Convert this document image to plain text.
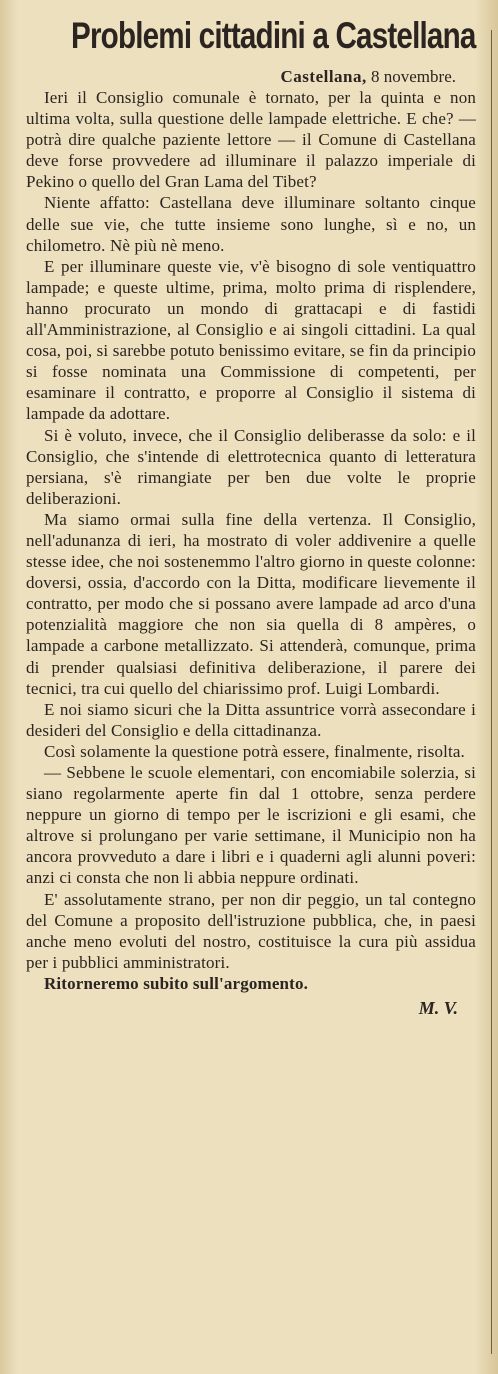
Problemi cittadini a Castellana

Castellana, 8 novembre.

Ieri il Consiglio comunale è tornato, per la quinta e non ultima volta, sulla questione delle lampade elettriche. E che? — potrà dire qualche paziente lettore — il Comune di Castellana deve forse provvedere ad illuminare il palazzo imperiale di Pekino o quello del Gran Lama del Tibet?

Niente affatto: Castellana deve illuminare soltanto cinque delle sue vie, che tutte insieme sono lunghe, sì e no, un chilometro. Nè più nè meno.

E per illuminare queste vie, v'è bisogno di sole ventiquattro lampade; e queste ultime, prima, molto prima di risplendere, hanno procurato un mondo di grattacapi e di fastidi all'Amministrazione, al Consiglio e ai singoli cittadini. La qual cosa, poi, si sarebbe potuto benissimo evitare, se fin da principio si fosse nominata una Commissione di competenti, per esaminare il contratto, e proporre al Consiglio il sistema di lampade da adottare.

Si è voluto, invece, che il Consiglio deliberasse da solo: e il Consiglio, che s'intende di elettrotecnica quanto di letteratura persiana, s'è rimangiate per ben due volte le proprie deliberazioni.

Ma siamo ormai sulla fine della vertenza. Il Consiglio, nell'adunanza di ieri, ha mostrato di voler addivenire a quelle stesse idee, che noi sostenemmo l'altro giorno in queste colonne: doversi, ossia, d'accordo con la Ditta, modificare lievemente il contratto, per modo che si possano avere lampade ad arco d'una potenzialità maggiore che non sia quella di 8 ampères, o lampade a carbone metallizzato. Si attenderà, comunque, prima di prender qualsiasi definitiva deliberazione, il parere dei tecnici, tra cui quello del chiarissimo prof. Luigi Lombardi.

E noi siamo sicuri che la Ditta assuntrice vorrà assecondare i desideri del Consiglio e della cittadinanza.

Così solamente la questione potrà essere, finalmente, risolta.

— Sebbene le scuole elementari, con encomiabile solerzia, si siano regolarmente aperte fin dal 1 ottobre, senza perdere neppure un giorno di tempo per le iscrizioni e gli esami, che altrove si prolungano per varie settimane, il Municipio non ha ancora provveduto a dare i libri e i quaderni agli alunni poveri: anzi ci consta che non li abbia neppure ordinati.

E' assolutamente strano, per non dir peggio, un tal contegno del Comune a proposito dell'istruzione pubblica, che, in paesi anche meno evoluti del nostro, costituisce la cura più assidua per i pubblici amministratori.

Ritorneremo subito sull'argomento.

M. V.
